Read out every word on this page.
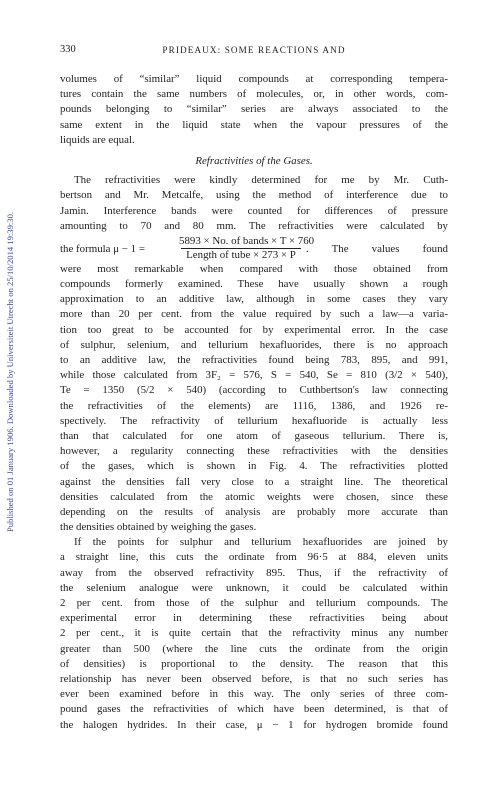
Published on 01 January 1906. Downloaded by Universiteit Utrecht on 25/10/2014 19:39:30.
330	PRIDEAUX: SOME REACTIONS AND
volumes of “similar” liquid compounds at corresponding tempera-
tures contain the same numbers of molecules, or, in other words, com-
pounds belonging to “similar” series are always associated to the
same extent in the liquid state when the vapour pressures of the
liquids are equal.
Refractivities of the Gases.
The refractivities were kindly determined for me by Mr. Cuth-
bertson and Mr. Metcalfe, using the method of interference due to
Jamin. Interference bands were counted for differences of pressure
amounting to 70 and 80 mm. The refractivities were calculated by
the formula μ − 1 =
5893 × No. of bands × T × 760
Length of tube × 273 × P . The values found
were most remarkable when compared with those obtained from
compounds formerly examined. These have usually shown a rough
approximation to an additive law, although in some cases they vary
more than 20 per cent. from the value required by such a law—a varia-
tion too great to be accounted for by experimental error. In the case
of sulphur, selenium, and tellurium hexafluorides, there is no approach
to an additive law, the refractivities found being 783, 895, and 991,
while those calculated from 3F₂ = 576, S = 540, Se = 810 (3/2 × 540),
Te = 1350 (5/2 × 540) (according to Cuthbertson's law connecting
the refractivities of the elements) are 1116, 1386, and 1926 re-
spectively. The refractivity of tellurium hexafluoride is actually less
than that calculated for one atom of gaseous tellurium. There is,
however, a regularity connecting these refractivities with the densities
of the gases, which is shown in Fig. 4. The refractivities plotted
against the densities fall very close to a straight line. The theoretical
densities calculated from the atomic weights were chosen, since these
depending on the results of analysis are probably more accurate than
the densities obtained by weighing the gases.
If the points for sulphur and tellurium hexafluorides are joined by
a straight line, this cuts the ordinate from 96·5 at 884, eleven units
away from the observed refractivity 895. Thus, if the refractivity of
the selenium analogue were unknown, it could be calculated within
2 per cent. from those of the sulphur and tellurium compounds. The
experimental error in determining these refractivities being about
2 per cent., it is quite certain that the refractivity minus any number
greater than 500 (where the line cuts the ordinate from the origin
of densities) is proportional to the density. The reason that this
relationship has never been observed before, is that no such series has
ever been examined before in this way. The only series of three com-
pound gases the refractivities of which have been determined, is that of
the halogen hydrides. In their case, μ − 1 for hydrogen bromide found
